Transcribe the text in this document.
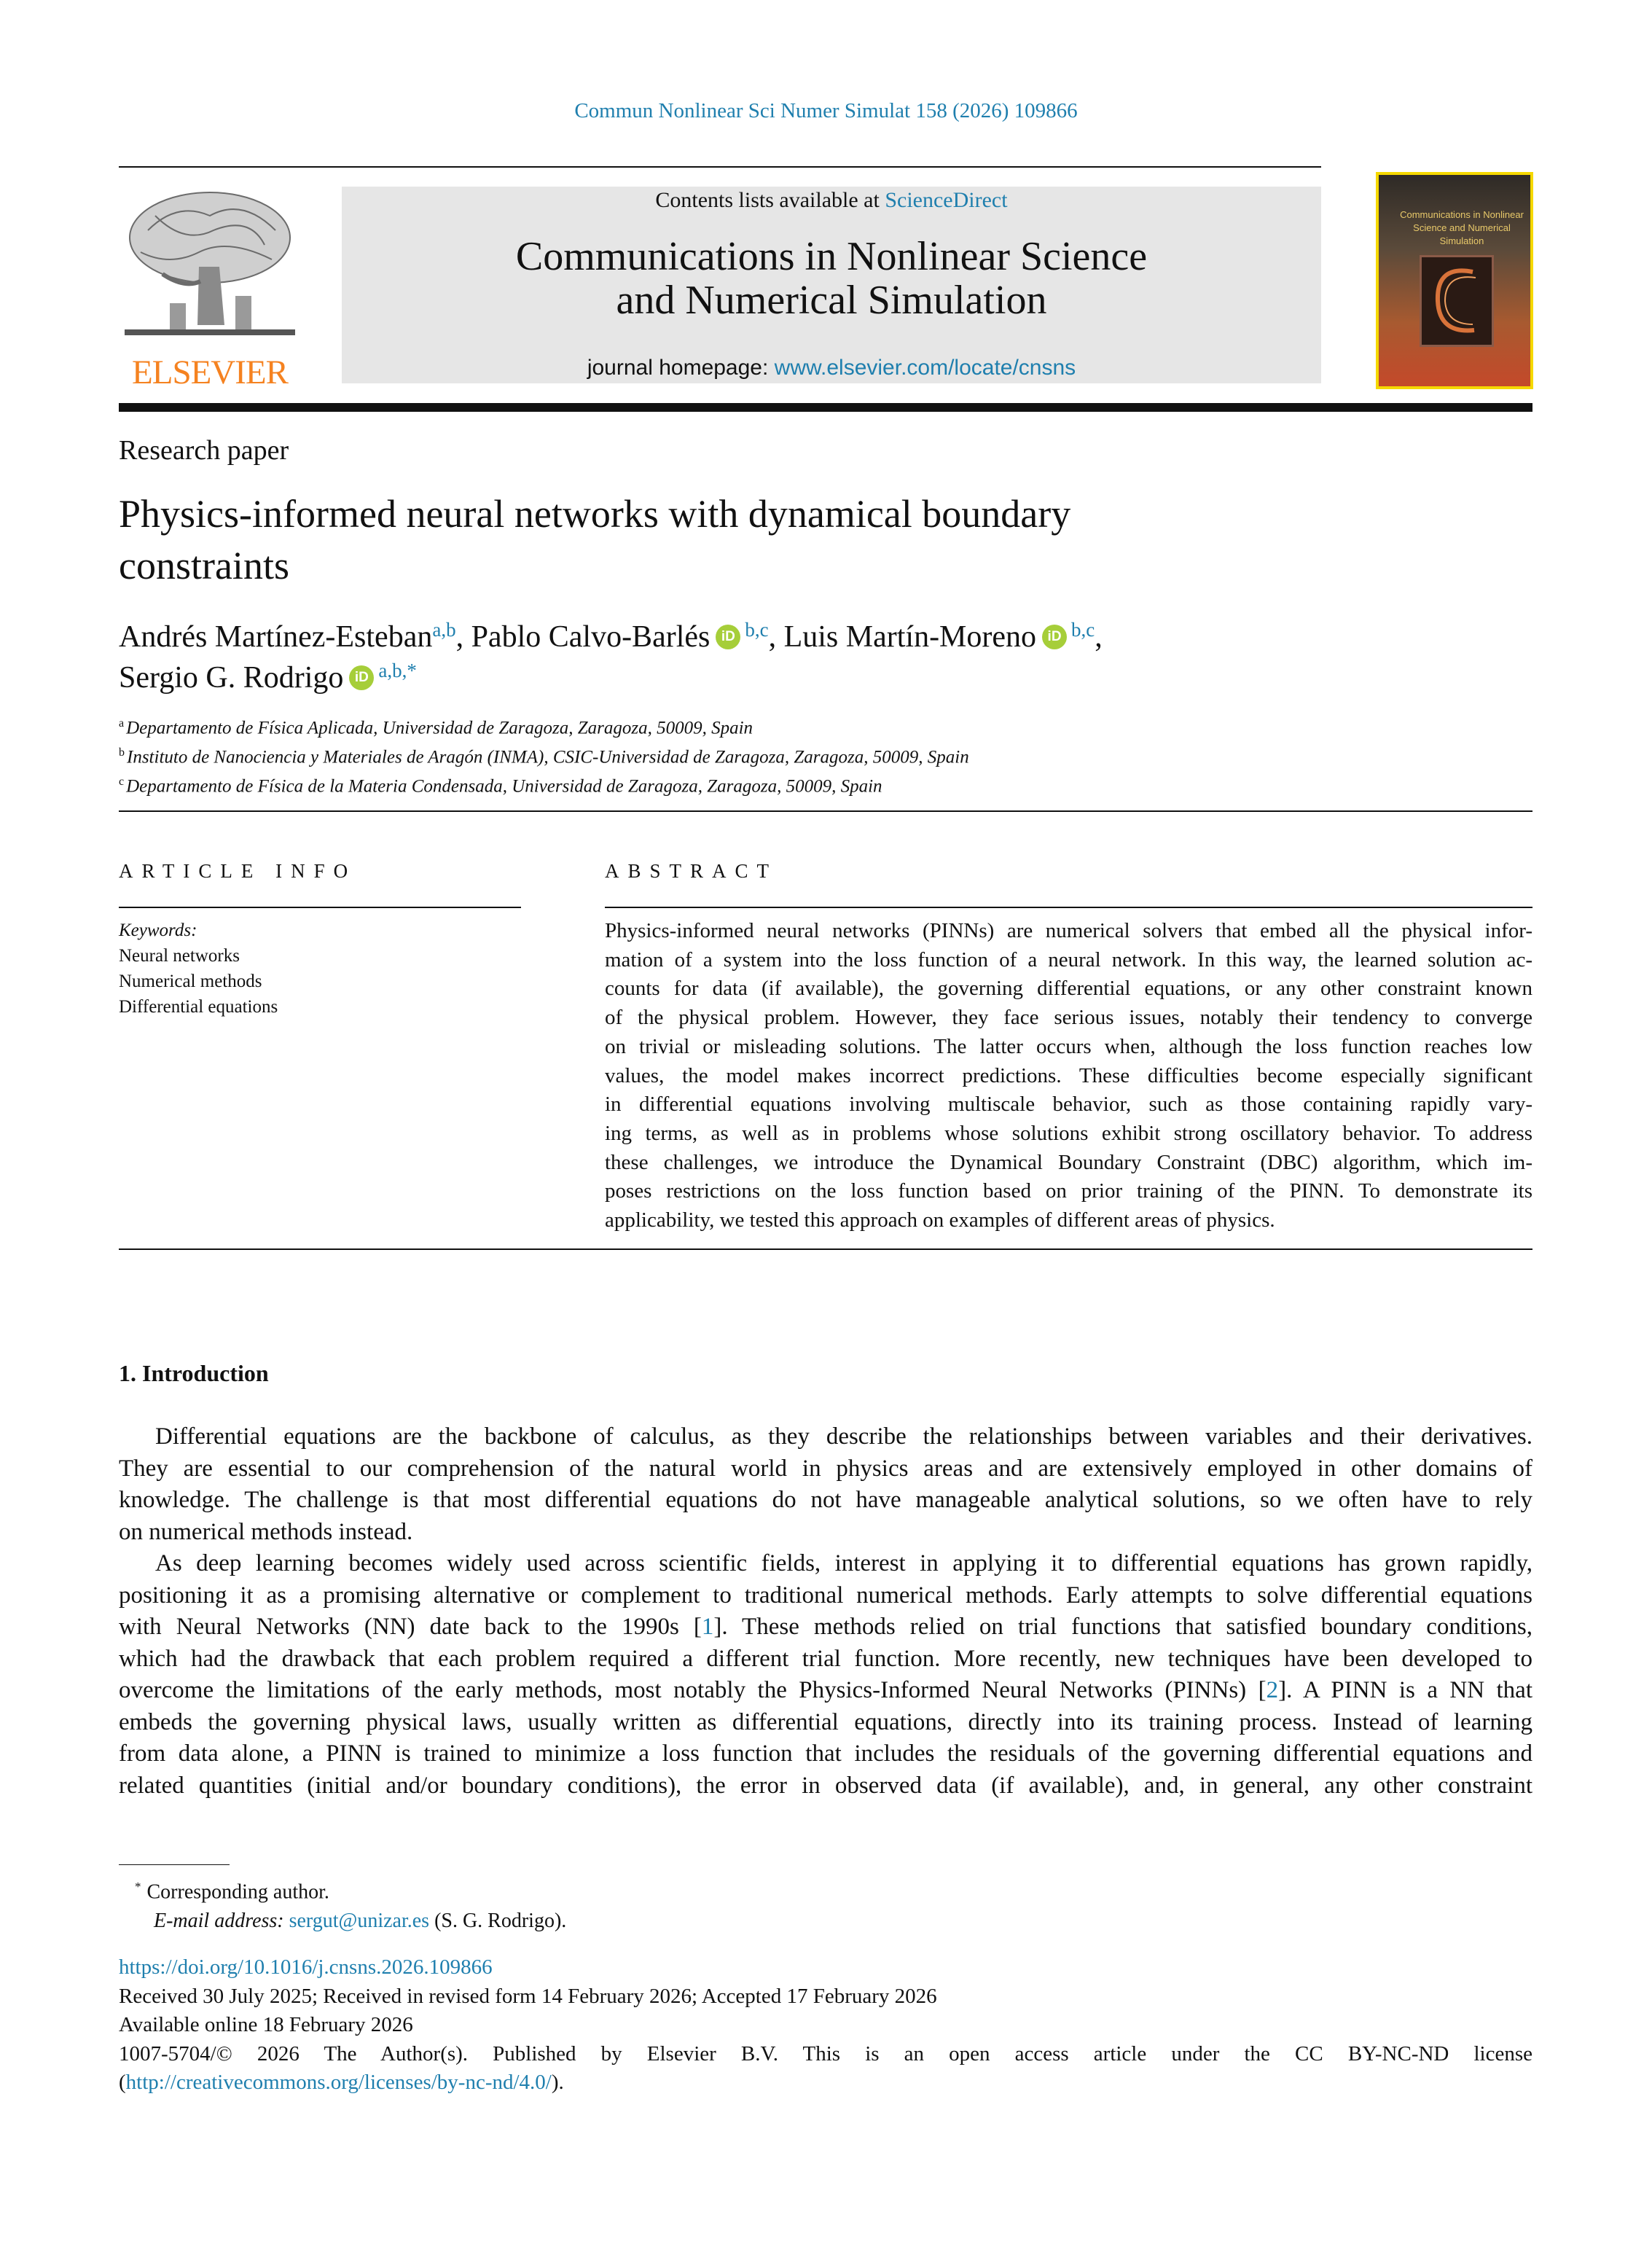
Commun Nonlinear Sci Numer Simulat 158 (2026) 109866
ELSEVIER
Contents lists available at ScienceDirect
Communications in Nonlinear Science
and Numerical Simulation
journal homepage: www.elsevier.com/locate/cnsns
Communications in Nonlinear Science and Numerical Simulation
Research paper
Physics-informed neural networks with dynamical boundary
constraints
Andrés Martínez-Esteban$^{a,b}$, Pablo Calvo-Barlés iD $^{b,c}$, Luis Martín-Moreno iD $^{b,c}$,
Sergio G. Rodrigo iD $^{a,b,*}$
$^a$ Departamento de Física Aplicada, Universidad de Zaragoza, Zaragoza, 50009, Spain
$^b$ Instituto de Nanociencia y Materiales de Aragón (INMA), CSIC-Universidad de Zaragoza, Zaragoza, 50009, Spain
$^c$ Departamento de Física de la Materia Condensada, Universidad de Zaragoza, Zaragoza, 50009, Spain
ARTICLE INFO	ABSTRACT
Keywords:
Neural networks
Numerical methods
Differential equations
Physics-informed neural networks (PINNs) are numerical solvers that embed all the physical infor-
mation of a system into the loss function of a neural network. In this way, the learned solution ac-
counts for data (if available), the governing differential equations, or any other constraint known
of the physical problem. However, they face serious issues, notably their tendency to converge
on trivial or misleading solutions. The latter occurs when, although the loss function reaches low
values, the model makes incorrect predictions. These difficulties become especially significant
in differential equations involving multiscale behavior, such as those containing rapidly vary-
ing terms, as well as in problems whose solutions exhibit strong oscillatory behavior. To address
these challenges, we introduce the Dynamical Boundary Constraint (DBC) algorithm, which im-
poses restrictions on the loss function based on prior training of the PINN. To demonstrate its
applicability, we tested this approach on examples of different areas of physics.
1. Introduction
Differential equations are the backbone of calculus, as they describe the relationships between variables and their derivatives.
They are essential to our comprehension of the natural world in physics areas and are extensively employed in other domains of
knowledge. The challenge is that most differential equations do not have manageable analytical solutions, so we often have to rely
on numerical methods instead.
As deep learning becomes widely used across scientific fields, interest in applying it to differential equations has grown rapidly,
positioning it as a promising alternative or complement to traditional numerical methods. Early attempts to solve differential equations
with Neural Networks (NN) date back to the 1990s [1]. These methods relied on trial functions that satisfied boundary conditions,
which had the drawback that each problem required a different trial function. More recently, new techniques have been developed to
overcome the limitations of the early methods, most notably the Physics-Informed Neural Networks (PINNs) [2]. A PINN is a NN that
embeds the governing physical laws, usually written as differential equations, directly into its training process. Instead of learning
from data alone, a PINN is trained to minimize a loss function that includes the residuals of the governing differential equations and
related quantities (initial and/or boundary conditions), the error in observed data (if available), and, in general, any other constraint
* Corresponding author.
E-mail address: sergut@unizar.es (S. G. Rodrigo).
https://doi.org/10.1016/j.cnsns.2026.109866
Received 30 July 2025; Received in revised form 14 February 2026; Accepted 17 February 2026
Available online 18 February 2026
1007-5704/© 2026 The Author(s). Published by Elsevier B.V. This is an open access article under the CC BY-NC-ND license
(http://creativecommons.org/licenses/by-nc-nd/4.0/).
